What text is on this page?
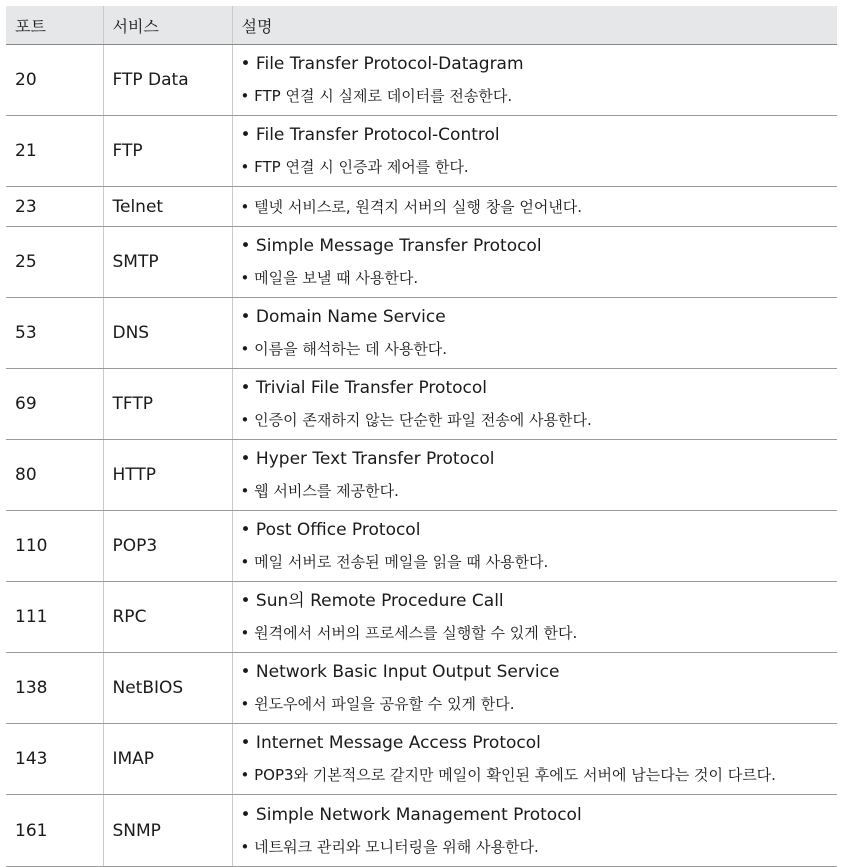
포트	서비스	설명
20	FTP Data	• File Transfer Protocol-Datagram
• FTP 연결 시 실제로 데이터를 전송한다.

21	FTP	• File Transfer Protocol-Control
• FTP 연결 시 인증과 제어를 한다.

23	Telnet	• 텔넷 서비스로, 원격지 서버의 실행 창을 얻어낸다.

25	SMTP	• Simple Message Transfer Protocol
• 메일을 보낼 때 사용한다.

53	DNS	• Domain Name Service
• 이름을 해석하는 데 사용한다.

69	TFTP	• Trivial File Transfer Protocol
• 인증이 존재하지 않는 단순한 파일 전송에 사용한다.

80	HTTP	• Hyper Text Transfer Protocol
• 웹 서비스를 제공한다.

110	POP3	• Post Office Protocol
• 메일 서버로 전송된 메일을 읽을 때 사용한다.

111	RPC	• Sun의 Remote Procedure Call
• 원격에서 서버의 프로세스를 실행할 수 있게 한다.

138	NetBIOS	• Network Basic Input Output Service
• 윈도우에서 파일을 공유할 수 있게 한다.

143	IMAP	• Internet Message Access Protocol
• POP3와 기본적으로 같지만 메일이 확인된 후에도 서버에 남는다는 것이 다르다.

161	SNMP	• Simple Network Management Protocol
• 네트워크 관리와 모니터링을 위해 사용한다.
